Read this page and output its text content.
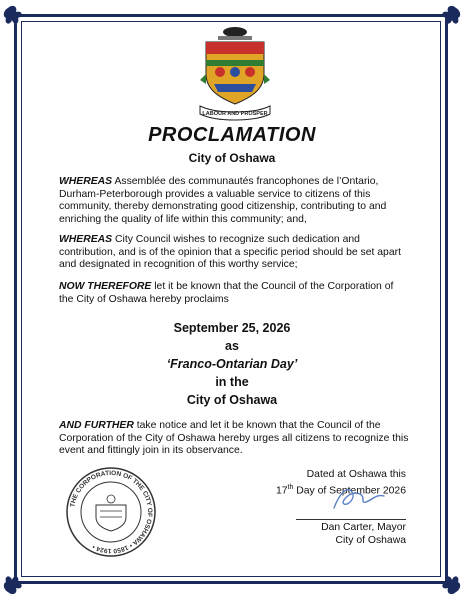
LABOUR AND PROSPER
PROCLAMATION
City of Oshawa
WHEREAS Assemblée des communautés francophones de l’Ontario, Durham-Peterborough provides a valuable service to citizens of this community, thereby demonstrating good citizenship, contributing to and enriching the quality of life within this community; and,
WHEREAS City Council wishes to recognize such dedication and contribution, and is of the opinion that a specific period should be set apart and designated in recognition of this worthy service;
NOW THEREFORE let it be known that the Council of the Corporation of the City of Oshawa hereby proclaims
September 25, 2026
as
‘Franco-Ontarian Day’
in the
City of Oshawa
AND FURTHER take notice and let it be known that the Council of the Corporation of the City of Oshawa hereby urges all citizens to recognize this event and fittingly join in its observance.
THE CORPORATION OF THE CITY OF OSHAWA • 1850 1924 •
Dated at Oshawa this
17th Day of September 2026
Dan Carter, Mayor
City of Oshawa
